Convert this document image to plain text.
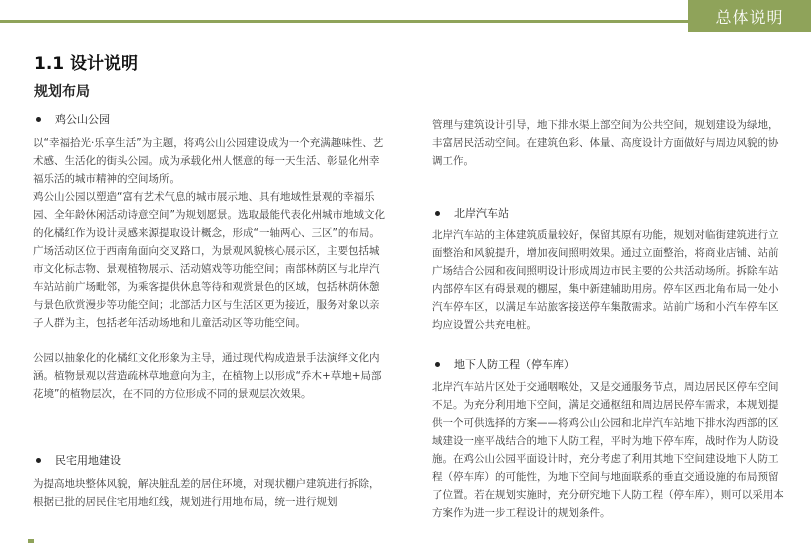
总体说明
1.1 设计说明
规划布局
鸡公山公园

以“幸福拾光·乐享生活”为主题，将鸡公山公园建设成为一个充满趣味性、艺术感、生活化的街头公园。成为承载化州人惬意的每一天生活、彰显化州幸福乐活的城市精神的空间场所。

鸡公山公园以塑造“富有艺术气息的城市展示地、具有地域性景观的幸福乐园、全年龄休闲活动诗意空间”为规划愿景。选取最能代表化州城市地域文化的化橘红作为设计灵感来源提取设计概念，形成“一轴两心、三区”的布局。广场活动区位于西南角面向交叉路口，为景观风貌核心展示区，主要包括城市文化标志物、景观植物展示、活动嬉戏等功能空间；南部林荫区与北岸汽车站站前广场毗邻，为乘客提供休息等待和观赏景色的区域，包括林荫休憩与景色欣赏漫步等功能空间；北部活力区与生活区更为接近，服务对象以亲子人群为主，包括老年活动场地和儿童活动区等功能空间。

公园以抽象化的化橘红文化形象为主导，通过现代构成造景手法演绎文化内涵。植物景观以营造疏林草地意向为主，在植物上以形成“乔木+草地+局部花境”的植物层次，在不同的方位形成不同的景观层次效果。

民宅用地建设

为提高地块整体风貌，解决脏乱差的居住环境，对现状棚户建筑进行拆除，根据已批的居民住宅用地红线，规划进行用地布局，统一进行规划

管理与建筑设计引导，地下排水渠上部空间为公共空间，规划建设为绿地，丰富居民活动空间。在建筑色彩、体量、高度设计方面做好与周边风貌的协调工作。

北岸汽车站

北岸汽车站的主体建筑质量较好，保留其原有功能，规划对临街建筑进行立面整治和风貌提升，增加夜间照明效果。通过立面整治，将商业店铺、站前广场结合公园和夜间照明设计形成周边市民主要的公共活动场所。拆除车站内部停车区有碍景观的棚屋，集中新建辅助用房。停车区西北角布局一处小汽车停车区，以满足车站旅客接送停车集散需求。站前广场和小汽车停车区均应设置公共充电桩。

地下人防工程（停车库）

北岸汽车站片区处于交通咽喉处，又是交通服务节点，周边居民区停车空间不足。为充分利用地下空间，满足交通枢纽和周边居民停车需求，本规划提供一个可供选择的方案——将鸡公山公园和北岸汽车站地下排水沟西部的区域建设一座平战结合的地下人防工程，平时为地下停车库，战时作为人防设施。在鸡公山公园平面设计时，充分考虑了利用其地下空间建设地下人防工程（停车库）的可能性，为地下空间与地面联系的垂直交通设施的布局预留了位置。若在规划实施时，充分研究地下人防工程（停车库），则可以采用本方案作为进一步工程设计的规划条件。
